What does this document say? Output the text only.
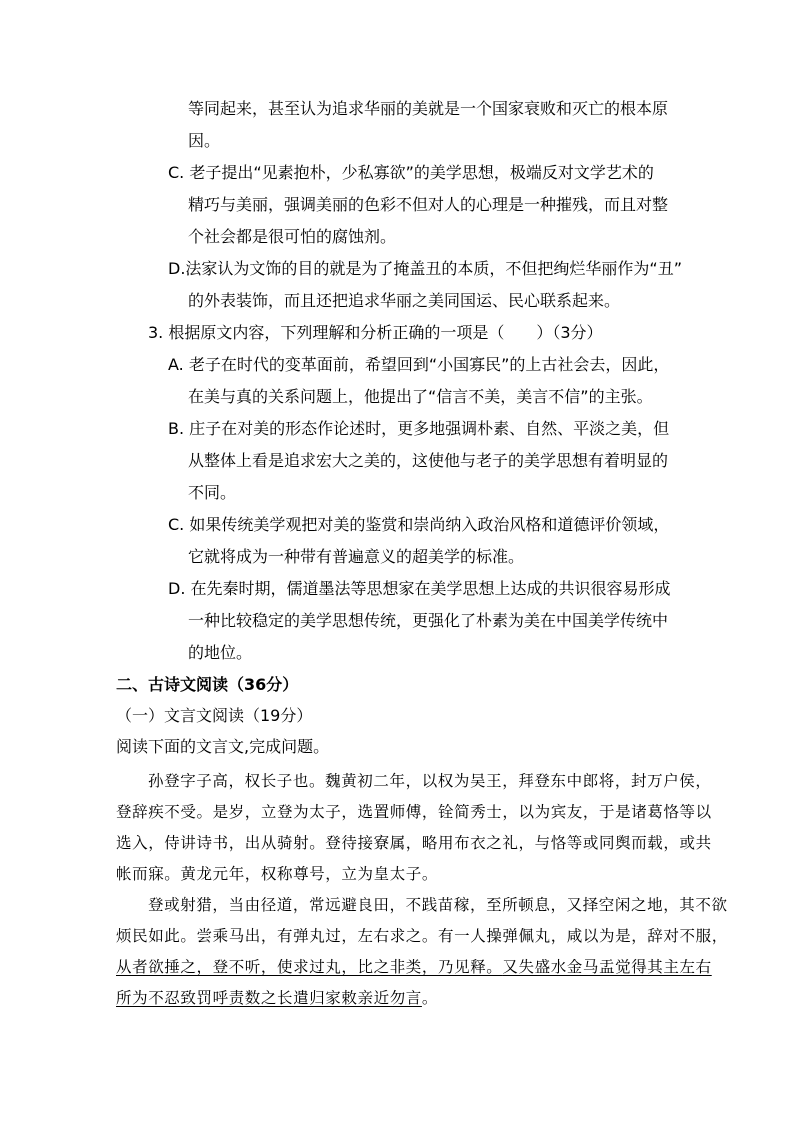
等同起来，甚至认为追求华丽的美就是一个国家衰败和灭亡的根本原
因。
C. 老子提出“见素抱朴，少私寡欲”的美学思想，极端反对文学艺术的
精巧与美丽，强调美丽的色彩不但对人的心理是一种摧残，而且对整
个社会都是很可怕的腐蚀剂。
D.法家认为文饰的目的就是为了掩盖丑的本质，不但把绚烂华丽作为“丑”
的外表装饰，而且还把追求华丽之美同国运、民心联系起来。
3. 根据原文内容，下列理解和分析正确的一项是（　　）（3分）
A. 老子在时代的变革面前，希望回到“小国寡民”的上古社会去，因此，
在美与真的关系问题上，他提出了“信言不美，美言不信”的主张。
B. 庄子在对美的形态作论述时，更多地强调朴素、自然、平淡之美，但
从整体上看是追求宏大之美的，这使他与老子的美学思想有着明显的
不同。
C. 如果传统美学观把对美的鉴赏和崇尚纳入政治风格和道德评价领域，
它就将成为一种带有普遍意义的超美学的标准。
D. 在先秦时期，儒道墨法等思想家在美学思想上达成的共识很容易形成
一种比较稳定的美学思想传统，更强化了朴素为美在中国美学传统中
的地位。
二、古诗文阅读（36分）
（一）文言文阅读（19分）
阅读下面的文言文,完成问题。
孙登字子高，权长子也。魏黄初二年，以权为吴王，拜登东中郎将，封万户侯，
登辞疾不受。是岁，立登为太子，选置师傅，铨简秀士，以为宾友，于是诸葛恪等以
选入，侍讲诗书，出从骑射。登待接寮属，略用布衣之礼，与恪等或同舆而载，或共
帐而寐。黄龙元年，权称尊号，立为皇太子。
登或射猎，当由径道，常远避良田，不践苗稼，至所顿息，又择空闲之地，其不欲
烦民如此。尝乘马出，有弹丸过，左右求之。有一人操弹佩丸，咸以为是，辞对不服，
从者欲捶之，登不听，使求过丸，比之非类，乃见释。又失盛水金马盂觉得其主左右
所为不忍致罚呼责数之长遣归家敕亲近勿言。
